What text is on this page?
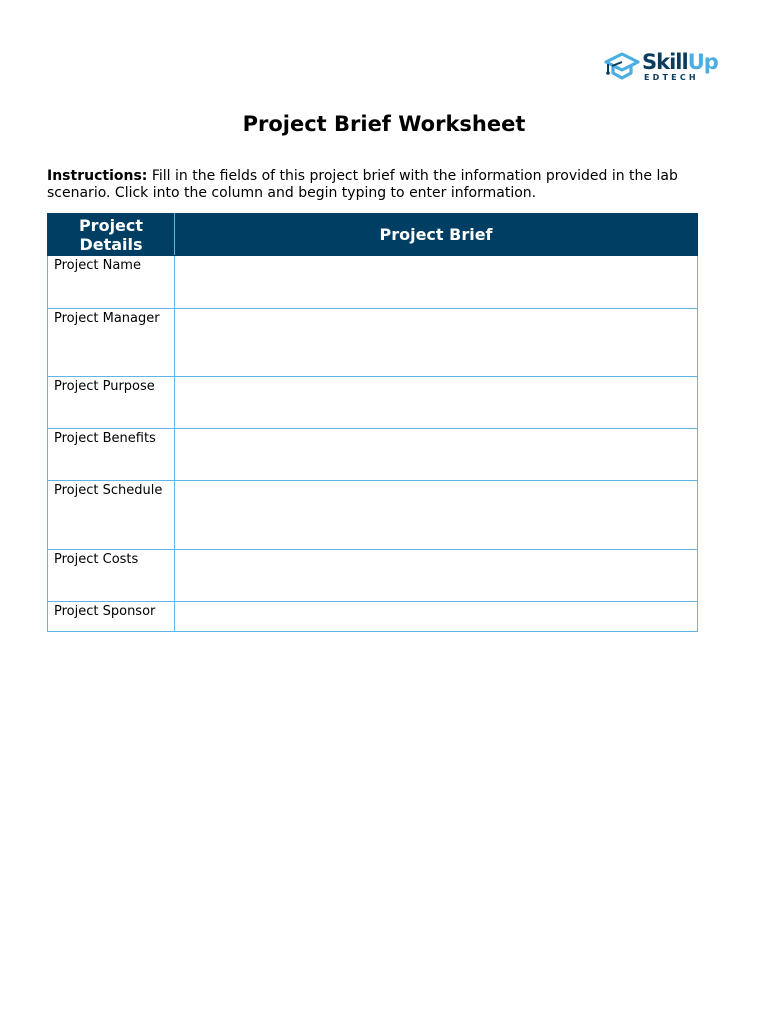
SkillUp
EDTECH
Project Brief Worksheet

Instructions: Fill in the fields of this project brief with the information provided in the lab scenario. Click into the column and begin typing to enter information.

Project Details	Project Brief
Project Name	

Project Manager	

Project Purpose	

Project Benefits	

Project Schedule	

Project Costs	

Project Sponsor	
